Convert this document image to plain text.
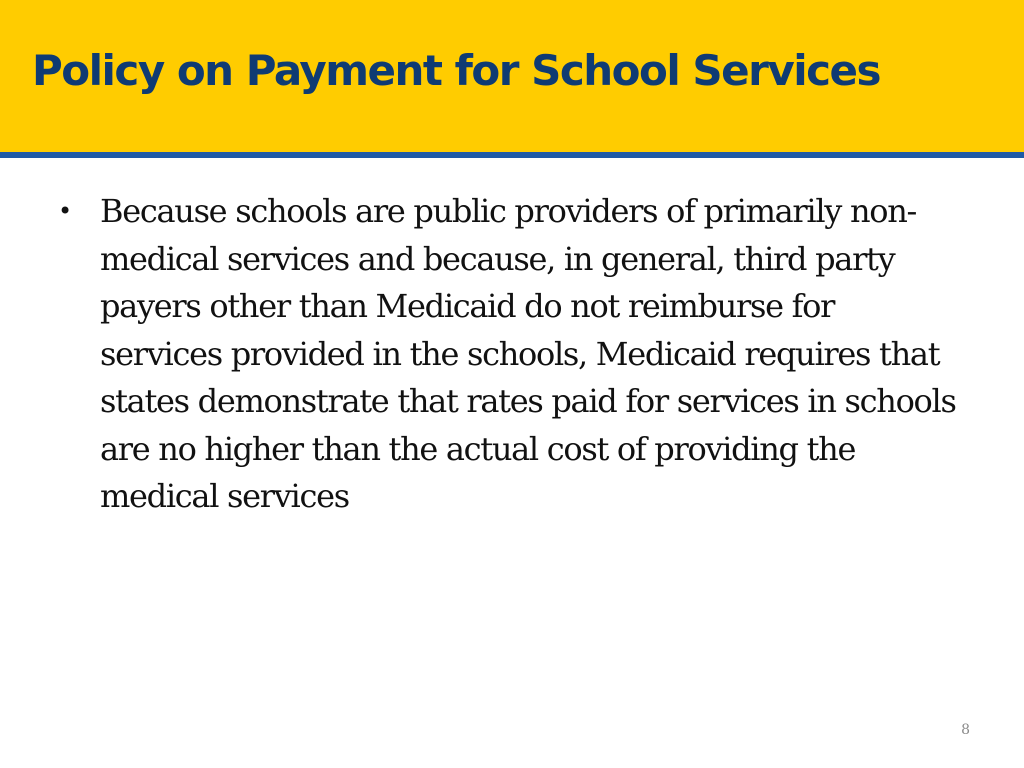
Policy on Payment for School Services
• Because schools are public providers of primarily non-medical services and because, in general, third party payers other than Medicaid do not reimburse for services provided in the schools, Medicaid requires that states demonstrate that rates paid for services in schools are no higher than the actual cost of providing the medical services
8
